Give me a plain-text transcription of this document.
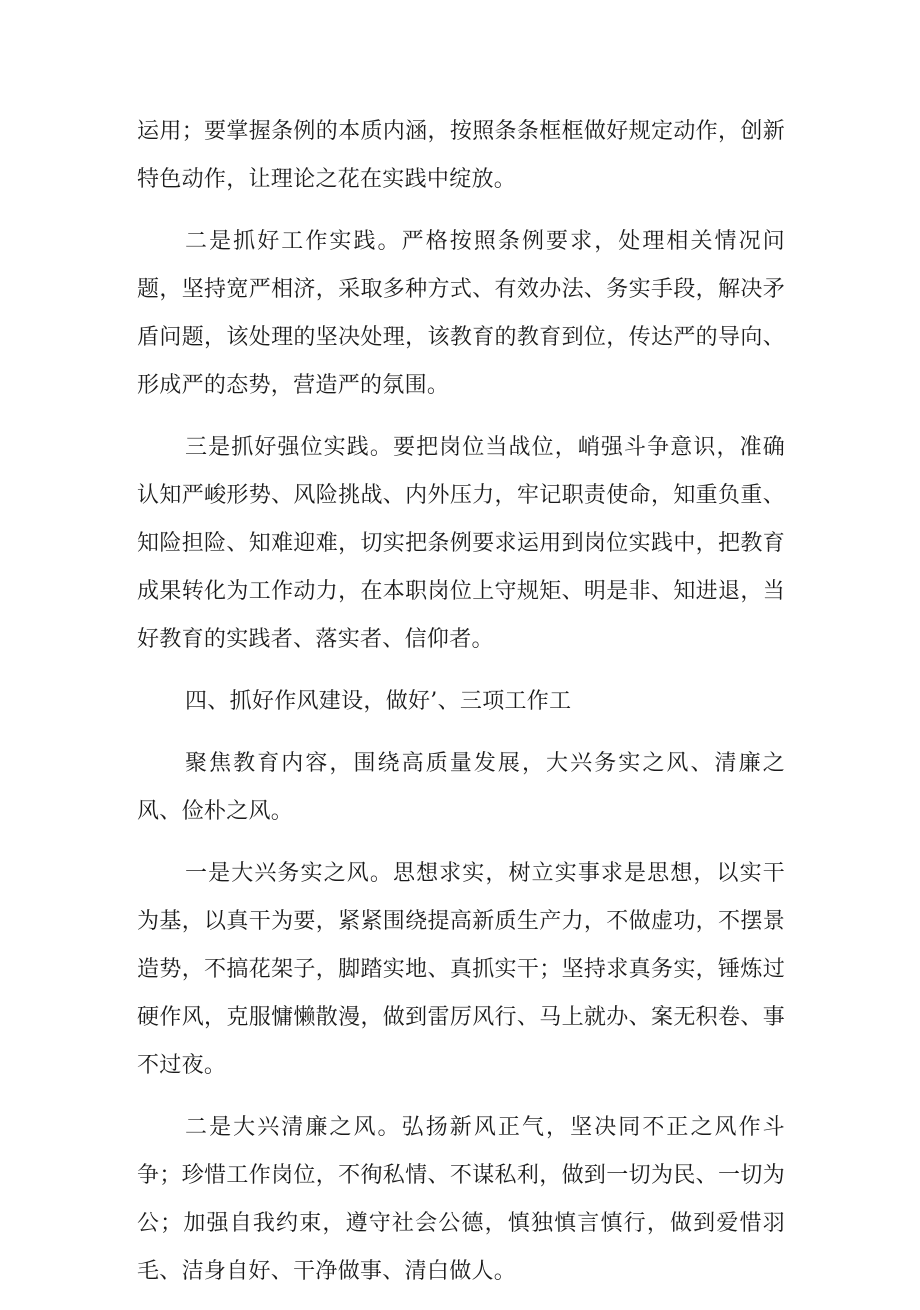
运用；要掌握条例的本质内涵，按照条条框框做好规定动作，创新特色动作，让理论之花在实践中绽放。

二是抓好工作实践。严格按照条例要求，处理相关情况问题，坚持宽严相济，采取多种方式、有效办法、务实手段，解决矛盾问题，该处理的坚决处理，该教育的教育到位，传达严的导向、形成严的态势，营造严的氛围。

三是抓好强位实践。要把岗位当战位，峭强斗争意识，准确认知严峻形势、风险挑战、内外压力，牢记职责使命，知重负重、知险担险、知难迎难，切实把条例要求运用到岗位实践中，把教育成果转化为工作动力，在本职岗位上守规矩、明是非、知进退，当好教育的实践者、落实者、信仰者。

四、抓好作风建设，做好’、三项工作工

聚焦教育内容，围绕高质量发展，大兴务实之风、清廉之风、俭朴之风。

一是大兴务实之风。思想求实，树立实事求是思想，以实干为基，以真干为要，紧紧围绕提高新质生产力，不做虚功，不摆景造势，不搞花架子，脚踏实地、真抓实干；坚持求真务实，锤炼过硬作风，克服慵懒散漫，做到雷厉风行、马上就办、案无积卷、事不过夜。

二是大兴清廉之风。弘扬新风正气，坚决同不正之风作斗争；珍惜工作岗位，不徇私情、不谋私利，做到一切为民、一切为公；加强自我约束，遵守社会公德，慎独慎言慎行，做到爱惜羽毛、洁身自好、干净做事、清白做人。
